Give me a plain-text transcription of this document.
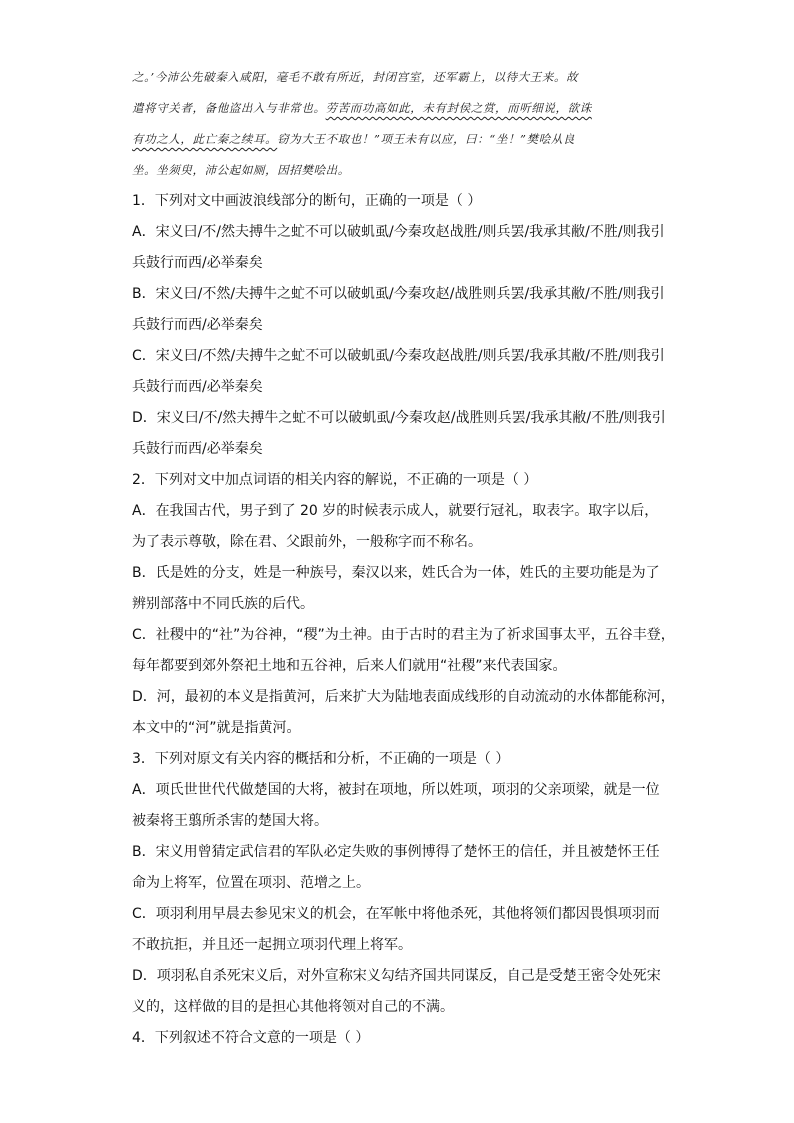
之。’今沛公先破秦入咸阳，毫毛不敢有所近，封闭宫室，还军霸上，以待大王来。故
遣将守关者，备他盗出入与非常也。劳苦而功高如此，未有封侯之赏，而听细说，欲诛
有功之人，此亡秦之续耳。窃为大王不取也！”项王未有以应，曰：“坐！”樊哙从良
坐。坐须臾，沛公起如厕，因招樊哙出。
1．下列对文中画波浪线部分的断句，正确的一项是（ ）
A．宋义曰/不/然夫搏牛之虻不可以破虮虱/今秦攻赵战胜/则兵罢/我承其敝/不胜/则我引
兵鼓行而西/必举秦矣
B．宋义曰/不然/夫搏牛之虻不可以破虮虱/今秦攻赵/战胜则兵罢/我承其敝/不胜/则我引
兵鼓行而西/必举秦矣
C．宋义曰/不然/夫搏牛之虻不可以破虮虱/今秦攻赵战胜/则兵罢/我承其敝/不胜/则我引
兵鼓行而西/必举秦矣
D．宋义曰/不/然夫搏牛之虻不可以破虮虱/今秦攻赵/战胜则兵罢/我承其敝/不胜/则我引
兵鼓行而西/必举秦矣
2．下列对文中加点词语的相关内容的解说，不正确的一项是（ ）
A．在我国古代，男子到了 20 岁的时候表示成人，就要行冠礼，取表字。取字以后，
为了表示尊敬，除在君、父跟前外，一般称字而不称名。
B．氏是姓的分支，姓是一种族号，秦汉以来，姓氏合为一体，姓氏的主要功能是为了
辨别部落中不同氏族的后代。
C．社稷中的“社”为谷神，“稷”为土神。由于古时的君主为了祈求国事太平，五谷丰登，
每年都要到郊外祭祀土地和五谷神，后来人们就用“社稷”来代表国家。
D．河，最初的本义是指黄河，后来扩大为陆地表面成线形的自动流动的水体都能称河，
本文中的“河”就是指黄河。
3．下列对原文有关内容的概括和分析，不正确的一项是（ ）
A．项氏世世代代做楚国的大将，被封在项地，所以姓项，项羽的父亲项梁，就是一位
被秦将王翦所杀害的楚国大将。
B．宋义用曾猜定武信君的军队必定失败的事例博得了楚怀王的信任，并且被楚怀王任
命为上将军，位置在项羽、范增之上。
C．项羽利用早晨去参见宋义的机会，在军帐中将他杀死，其他将领们都因畏惧项羽而
不敢抗拒，并且还一起拥立项羽代理上将军。
D．项羽私自杀死宋义后，对外宣称宋义勾结齐国共同谋反，自己是受楚王密令处死宋
义的，这样做的目的是担心其他将领对自己的不满。
4．下列叙述不符合文意的一项是（ ）
